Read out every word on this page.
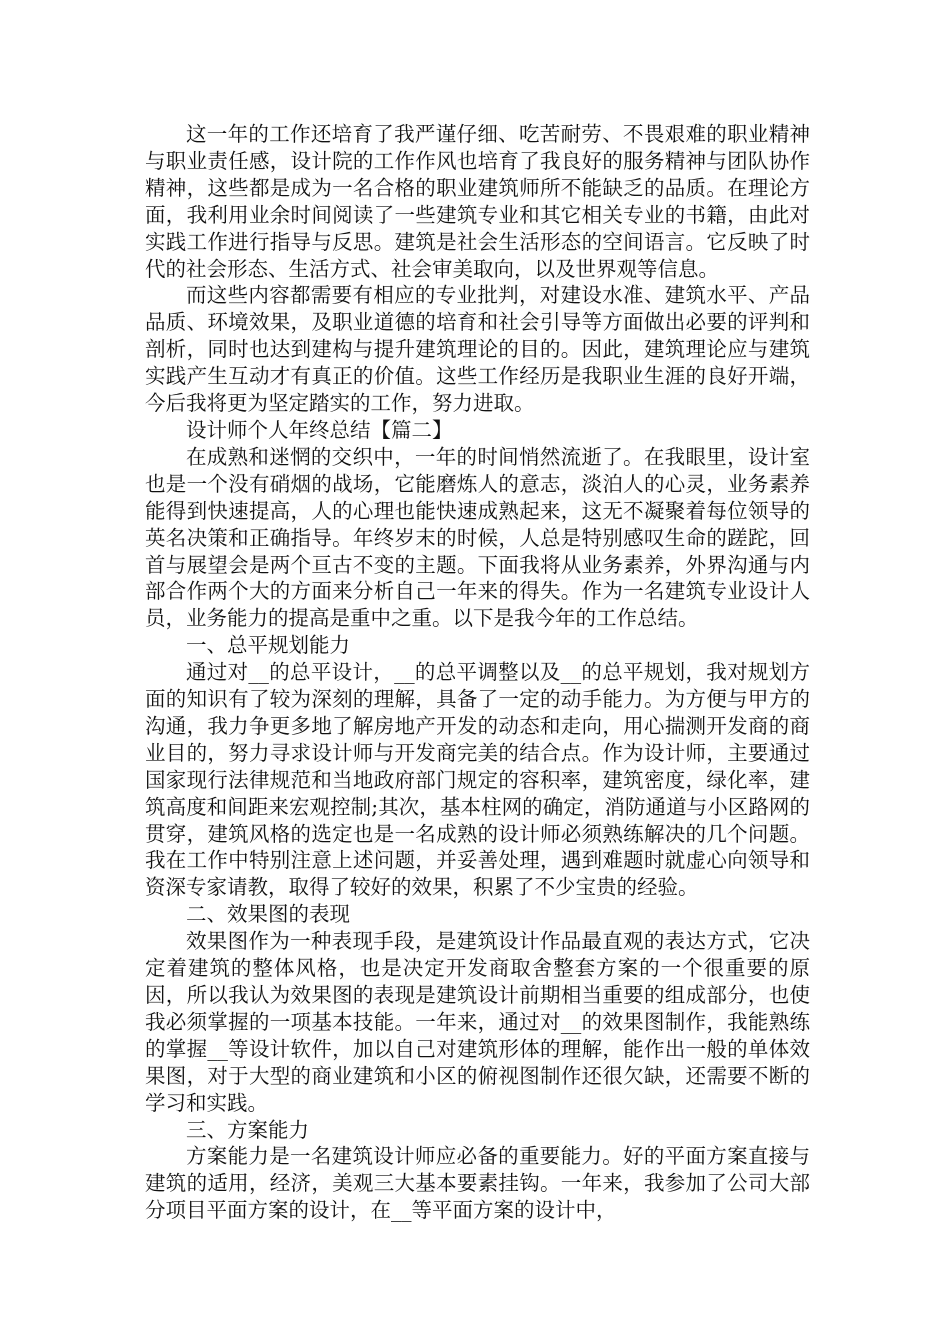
这一年的工作还培育了我严谨仔细、吃苦耐劳、不畏艰难的职业精神与职业责任感，设计院的工作作风也培育了我良好的服务精神与团队协作精神，这些都是成为一名合格的职业建筑师所不能缺乏的品质。在理论方面，我利用业余时间阅读了一些建筑专业和其它相关专业的书籍，由此对实践工作进行指导与反思。建筑是社会生活形态的空间语言。它反映了时代的社会形态、生活方式、社会审美取向，以及世界观等信息。

而这些内容都需要有相应的专业批判，对建设水准、建筑水平、产品品质、环境效果，及职业道德的培育和社会引导等方面做出必要的评判和剖析，同时也达到建构与提升建筑理论的目的。因此，建筑理论应与建筑实践产生互动才有真正的价值。这些工作经历是我职业生涯的良好开端，今后我将更为坚定踏实的工作，努力进取。

设计师个人年终总结【篇二】

在成熟和迷惘的交织中，一年的时间悄然流逝了。在我眼里，设计室也是一个没有硝烟的战场，它能磨炼人的意志，淡泊人的心灵，业务素养能得到快速提高，人的心理也能快速成熟起来，这无不凝聚着每位领导的英名决策和正确指导。年终岁末的时候，人总是特别感叹生命的蹉跎，回首与展望会是两个亘古不变的主题。下面我将从业务素养，外界沟通与内部合作两个大的方面来分析自己一年来的得失。作为一名建筑专业设计人员，业务能力的提高是重中之重。以下是我今年的工作总结。

一、总平规划能力

通过对__的总平设计，__的总平调整以及__的总平规划，我对规划方面的知识有了较为深刻的理解，具备了一定的动手能力。为方便与甲方的沟通，我力争更多地了解房地产开发的动态和走向，用心揣测开发商的商业目的，努力寻求设计师与开发商完美的结合点。作为设计师，主要通过国家现行法律规范和当地政府部门规定的容积率，建筑密度，绿化率，建筑高度和间距来宏观控制;其次，基本柱网的确定，消防通道与小区路网的贯穿，建筑风格的选定也是一名成熟的设计师必须熟练解决的几个问题。我在工作中特别注意上述问题，并妥善处理，遇到难题时就虚心向领导和资深专家请教，取得了较好的效果，积累了不少宝贵的经验。

二、效果图的表现

效果图作为一种表现手段，是建筑设计作品最直观的表达方式，它决定着建筑的整体风格，也是决定开发商取舍整套方案的一个很重要的原因，所以我认为效果图的表现是建筑设计前期相当重要的组成部分，也使我必须掌握的一项基本技能。一年来，通过对__的效果图制作，我能熟练的掌握__等设计软件，加以自己对建筑形体的理解，能作出一般的单体效果图，对于大型的商业建筑和小区的俯视图制作还很欠缺，还需要不断的学习和实践。

三、方案能力

方案能力是一名建筑设计师应必备的重要能力。好的平面方案直接与建筑的适用，经济，美观三大基本要素挂钩。一年来，我参加了公司大部分项目平面方案的设计，在__等平面方案的设计中，
